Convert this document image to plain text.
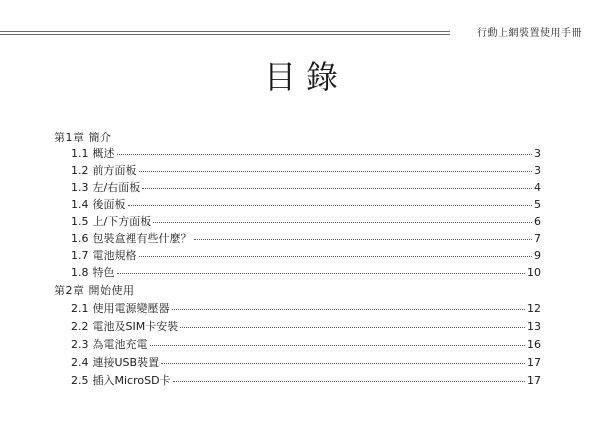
行動上網裝置使用手冊
目錄
第1章 簡介
1.1 概述	3
1.2 前方面板	3
1.3 左/右面板	4
1.4 後面板	5
1.5 上/下方面板	6
1.6 包裝盒裡有些什麼？	7
1.7 電池規格	9
1.8 特色	10
第2章 開始使用
2.1 使用電源變壓器	12
2.2 電池及SIM卡安裝	13
2.3 為電池充電	16
2.4 連接USB裝置	17
2.5 插入MicroSD卡	17
